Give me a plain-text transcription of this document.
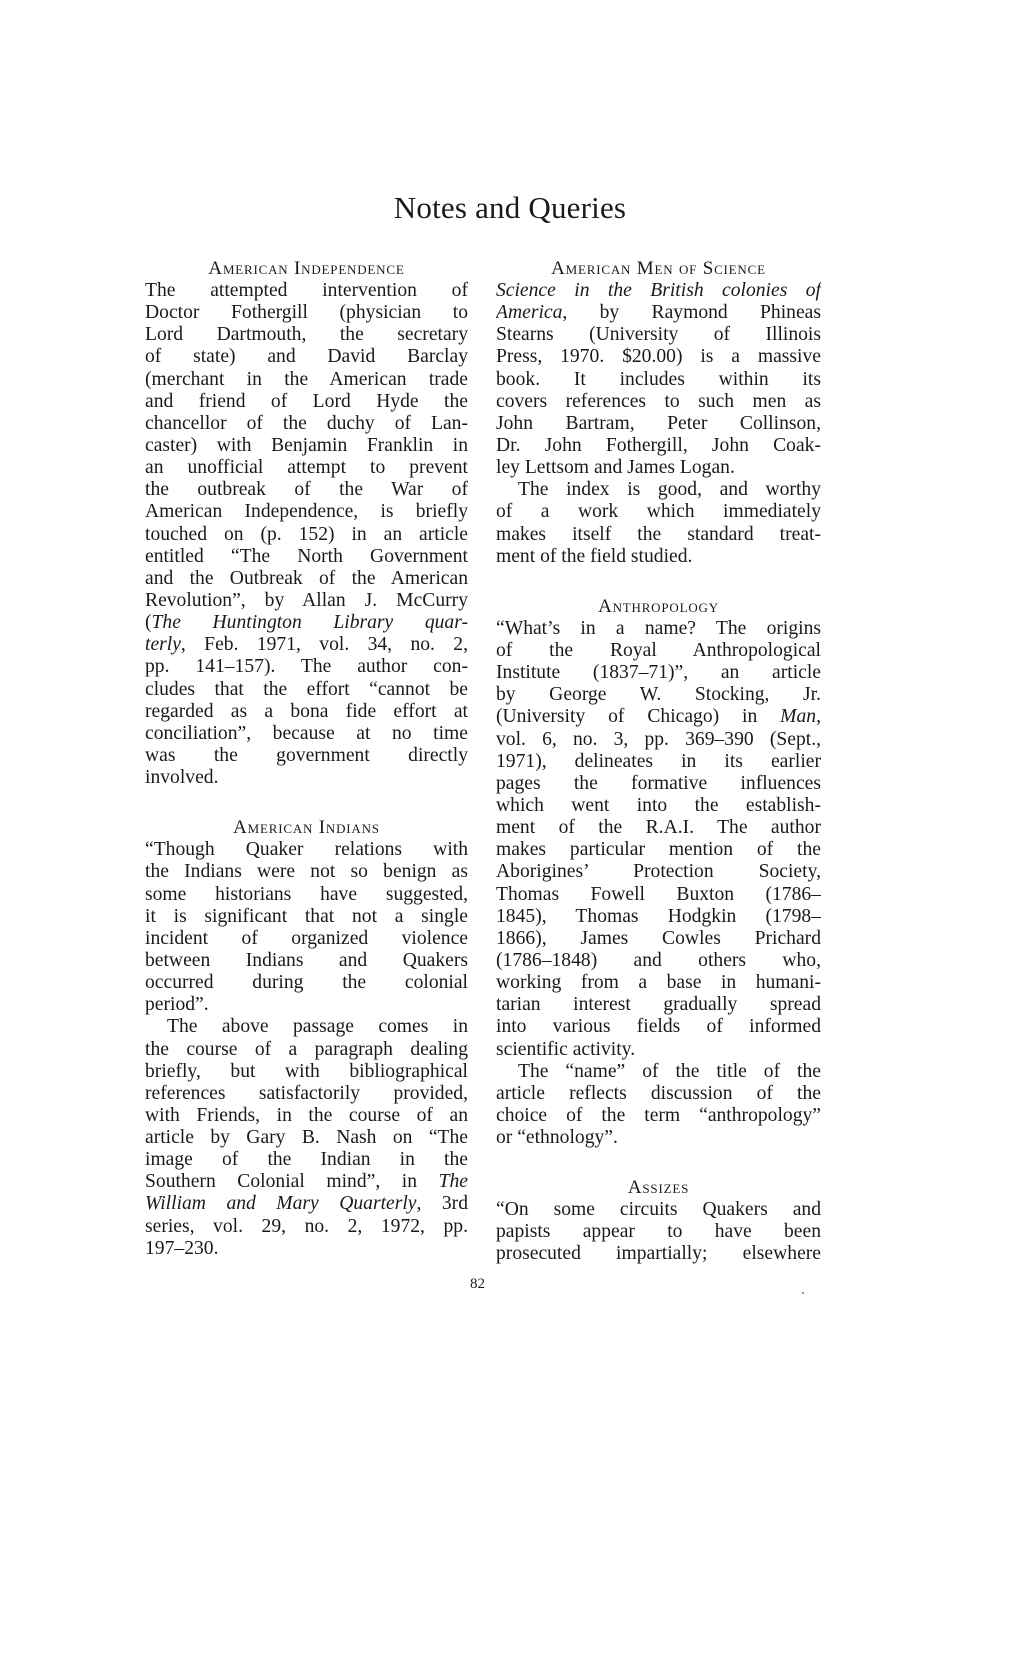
Notes and Queries
American Independence
The attempted intervention of
Doctor Fothergill (physician to
Lord Dartmouth, the secretary
of state) and David Barclay
(merchant in the American trade
and friend of Lord Hyde the
chancellor of the duchy of Lan-
caster) with Benjamin Franklin in
an unofficial attempt to prevent
the outbreak of the War of
American Independence, is briefly
touched on (p. 152) in an article
entitled “The North Government
and the Outbreak of the American
Revolution”, by Allan J. McCurry
(The Huntington Library quar-
terly, Feb. 1971, vol. 34, no. 2,
pp. 141–157). The author con-
cludes that the effort “cannot be
regarded as a bona fide effort at
conciliation”, because at no time
was the government directly
involved.
American Indians
“Though Quaker relations with
the Indians were not so benign as
some historians have suggested,
it is significant that not a single
incident of organized violence
between Indians and Quakers
occurred during the colonial
period”.
The above passage comes in
the course of a paragraph dealing
briefly, but with bibliographical
references satisfactorily provided,
with Friends, in the course of an
article by Gary B. Nash on “The
image of the Indian in the
Southern Colonial mind”, in The
William and Mary Quarterly, 3rd
series, vol. 29, no. 2, 1972, pp.
197–230.
American Men of Science
Science in the British colonies of
America, by Raymond Phineas
Stearns (University of Illinois
Press, 1970. $20.00) is a massive
book. It includes within its
covers references to such men as
John Bartram, Peter Collinson,
Dr. John Fothergill, John Coak-
ley Lettsom and James Logan.
The index is good, and worthy
of a work which immediately
makes itself the standard treat-
ment of the field studied.
Anthropology
“What’s in a name? The origins
of the Royal Anthropological
Institute (1837–71)”, an article
by George W. Stocking, Jr.
(University of Chicago) in Man,
vol. 6, no. 3, pp. 369–390 (Sept.,
1971), delineates in its earlier
pages the formative influences
which went into the establish-
ment of the R.A.I. The author
makes particular mention of the
Aborigines’ Protection Society,
Thomas Fowell Buxton (1786–
1845), Thomas Hodgkin (1798–
1866), James Cowles Prichard
(1786–1848) and others who,
working from a base in humani-
tarian interest gradually spread
into various fields of informed
scientific activity.
The “name” of the title of the
article reflects discussion of the
choice of the term “anthropology”
or “ethnology”.
Assizes
“On some circuits Quakers and
papists appear to have been
prosecuted impartially; elsewhere
82
